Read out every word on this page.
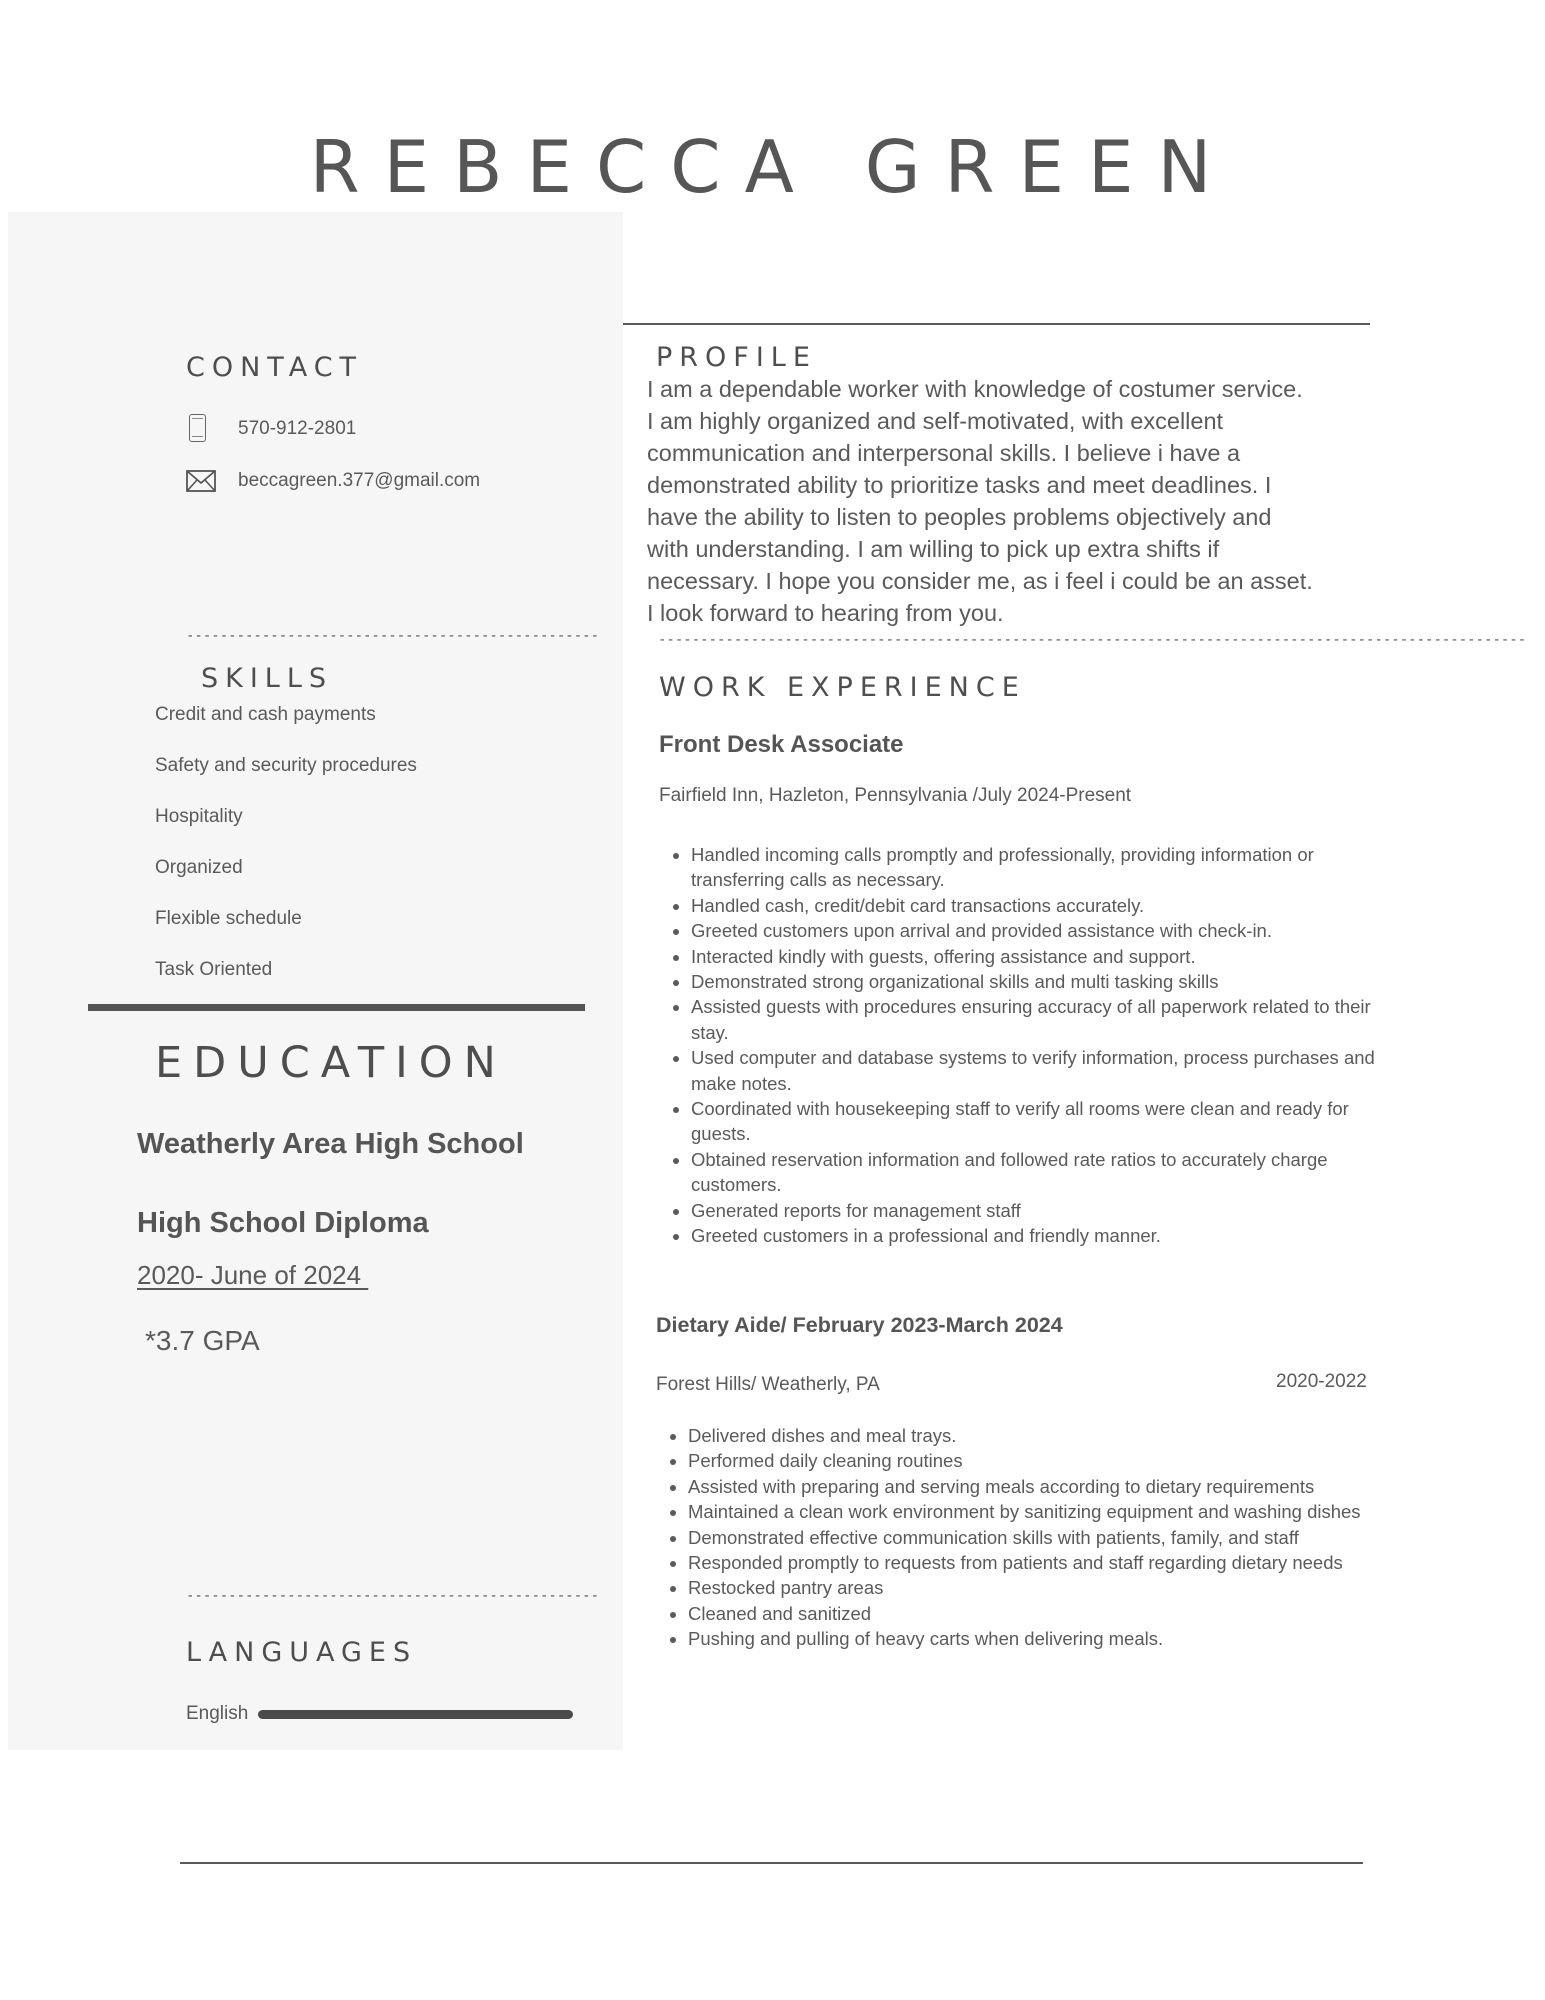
REBECCA GREEN
CONTACT
570-912-2801
beccagreen.377@gmail.com
-------------------------------------------------
SKILLS
Credit and cash payments
Safety and security procedures
Hospitality
Organized
Flexible schedule
Task Oriented
EDUCATION
Weatherly Area High School
High School Diploma
2020- June of 2024
*3.7 GPA
-------------------------------------------------
LANGUAGES
English
PROFILE
I am a dependable worker with knowledge of costumer service.
I am highly organized and self-motivated, with excellent
communication and interpersonal skills. I believe i have a
demonstrated ability to prioritize tasks and meet deadlines. I
have the ability to listen to peoples problems objectively and
with understanding. I am willing to pick up extra shifts if
necessary. I hope you consider me, as i feel i could be an asset.
I look forward to hearing from you.
-------------------------------------------------------------------------------------------------------
WORK EXPERIENCE
Front Desk Associate
Fairfield Inn, Hazleton, Pennsylvania /July 2024-Present
• Handled incoming calls promptly and professionally, providing information or transferring calls as necessary.
• Handled cash, credit/debit card transactions accurately.
• Greeted customers upon arrival and provided assistance with check-in.
• Interacted kindly with guests, offering assistance and support.
• Demonstrated strong organizational skills and multi tasking skills
• Assisted guests with procedures ensuring accuracy of all paperwork related to their stay.
• Used computer and database systems to verify information, process purchases and make notes.
• Coordinated with housekeeping staff to verify all rooms were clean and ready for guests.
• Obtained reservation information and followed rate ratios to accurately charge customers.
• Generated reports for management staff
• Greeted customers in a professional and friendly manner.
Dietary Aide/ February 2023-March 2024
Forest Hills/ Weatherly, PA	2020-2022
• Delivered dishes and meal trays.
• Performed daily cleaning routines
• Assisted with preparing and serving meals according to dietary requirements
• Maintained a clean work environment by sanitizing equipment and washing dishes
• Demonstrated effective communication skills with patients, family, and staff
• Responded promptly to requests from patients and staff regarding dietary needs
• Restocked pantry areas
• Cleaned and sanitized
• Pushing and pulling of heavy carts when delivering meals.
